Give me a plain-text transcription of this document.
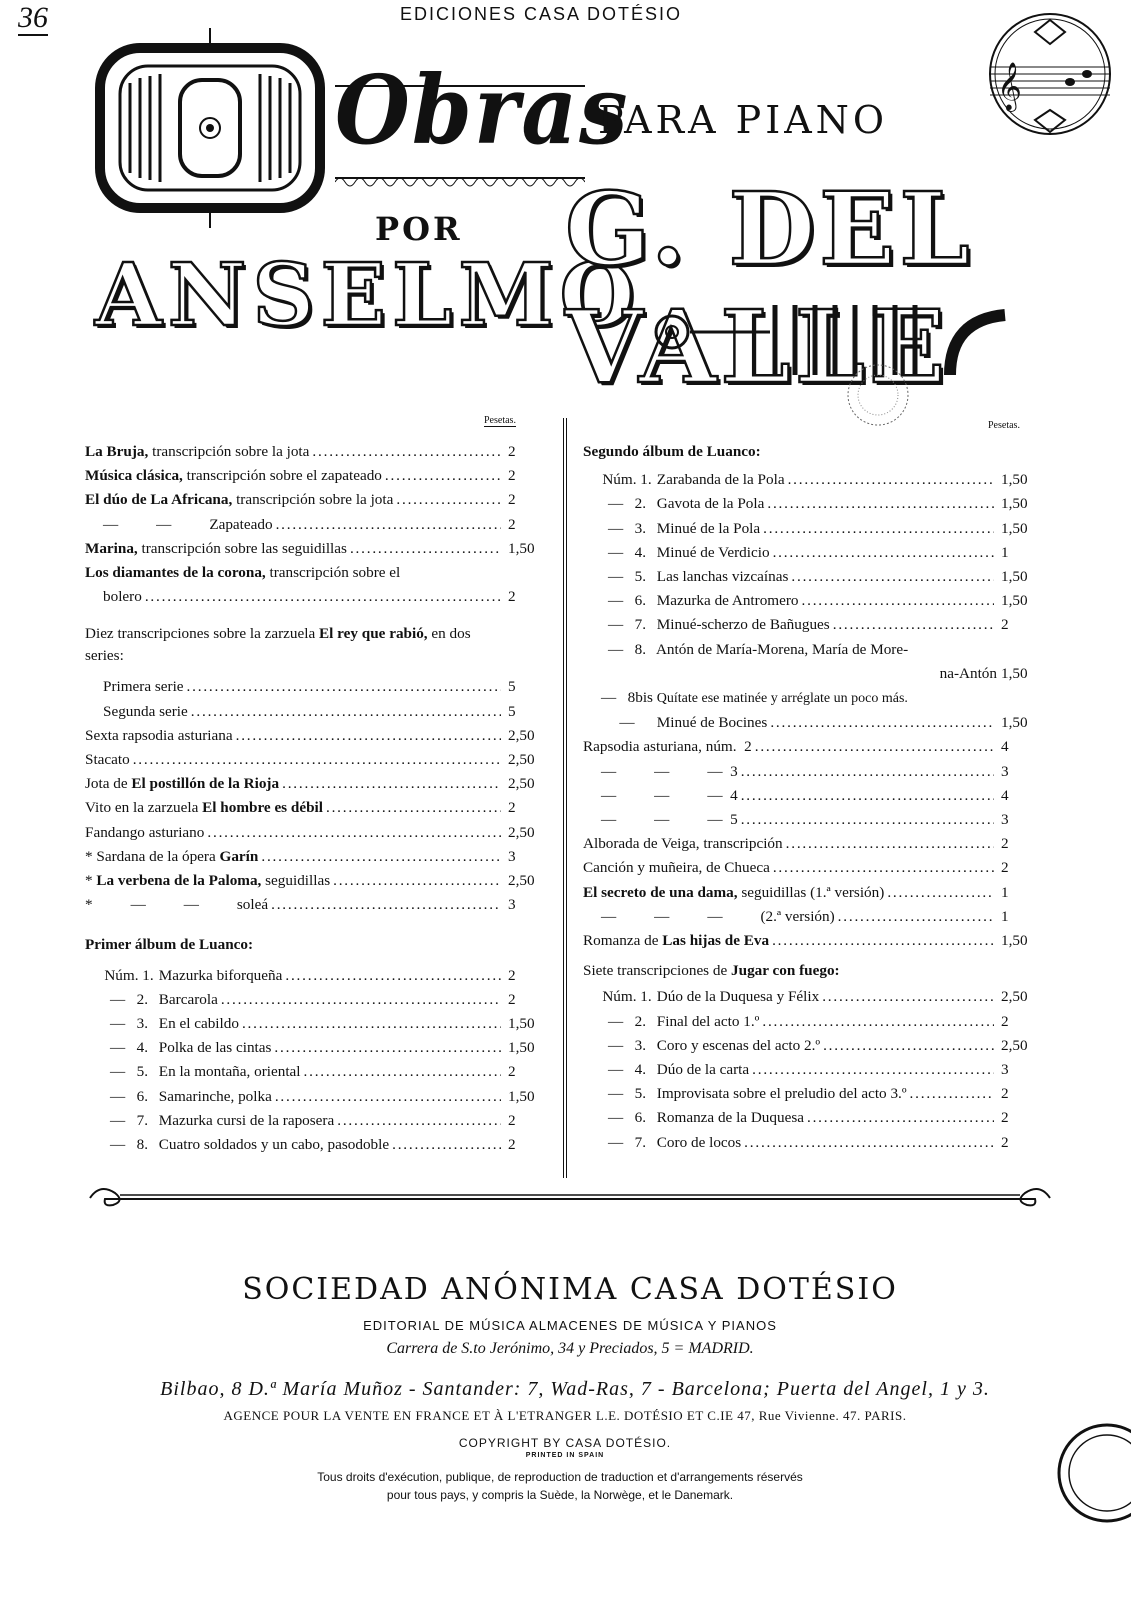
36	EDICIONES CASA DOTÉSIO
Obras
PARA PIANO
POR
ANSELMO
G. DEL VALLE
𝄞
Pesetas.	Pesetas.
La Bruja, transcripción sobre la jota . . .	2
Música clásica, transcripción sobre el zapateado . . .	2
El dúo de La Africana, transcripción sobre la jota . . .	2
—          —          Zapateado . . .	2
Marina, transcripción sobre las seguidillas . . .	1,50
Los diamantes de la corona, transcripción sobre el
bolero . . .	2
Diez transcripciones sobre la zarzuela El rey que rabió, en dos series:
Primera serie . . .	5
Segunda serie . . .	5
Sexta rapsodia asturiana . . .	2,50
Stacato . . .	2,50
Jota de El postillón de la Rioja . . .	2,50
Vito en la zarzuela El hombre es débil . . .	2
Fandango asturiano . . .	2,50
* Sardana de la ópera Garín . . .	3
* La verbena de la Paloma, seguidillas . . .	2,50
*          —          —          soleá . . .	3
Primer álbum de Luanco:
Núm. 1. Mazurka biforqueña . . .	2
—   2. Barcarola . . .	2
—   3. En el cabildo . . .	1,50
—   4. Polka de las cintas . . .	1,50
—   5. En la montaña, oriental . . .	2
—   6. Samarinche, polka . . .	1,50
—   7. Mazurka cursi de la raposera . . .	2
—   8. Cuatro soldados y un cabo, pasodoble . . .	2
Segundo álbum de Luanco:
Núm. 1. Zarabanda de la Pola . . .	1,50
—   2. Gavota de la Pola . . .	1,50
—   3. Minué de la Pola . . .	1,50
—   4. Minué de Verdicio . . .	1
—   5. Las lanchas vizcaínas . . .	1,50
—   6. Mazurka de Antromero . . .	1,50
—   7. Minué-scherzo de Bañugues . . .	2
—   8. Antón de María-Morena, María de More-
na-Antón 1,50
—   8bis Quítate ese matinée y arréglate un poco más.
— Minué de Bocines . . .	1,50
Rapsodia asturiana, núm.  2 . . .	4
—          —          —  3 . . .	3
—          —          —  4 . . .	4
—          —          —  5 . . .	3
Alborada de Veiga, transcripción . . .	2
Canción y muñeira, de Chueca . . .	2
El secreto de una dama, seguidillas (1.ª versión) . . .	1
—          —          —          (2.ª versión) . . .	1
Romanza de Las hijas de Eva . . .	1,50
Siete transcripciones de Jugar con fuego:
Núm. 1. Dúo de la Duquesa y Félix . . .	2,50
—   2. Final del acto 1.º . . .	2
—   3. Coro y escenas del acto 2.º . . .	2,50
—   4. Dúo de la carta . . .	3
—   5. Improvisata sobre el preludio del acto 3.º . . .	2
—   6. Romanza de la Duquesa . . .	2
—   7. Coro de locos . . .	2
SOCIEDAD ANÓNIMA CASA DOTÉSIO
EDITORIAL DE MÚSICA ALMACENES DE MÚSICA Y PIANOS
Carrera de S.to Jerónimo, 34 y Preciados, 5 = MADRID.
Bilbao, 8 D.ª María Muñoz - Santander: 7, Wad-Ras, 7 - Barcelona; Puerta del Angel, 1 y 3.
AGENCE POUR LA VENTE EN FRANCE ET À L'ETRANGER L.E. DOTÉSIO ET C.IE 47, Rue Vivienne. 47. PARIS.
COPYRIGHT BY CASA DOTÉSIO.
PRINTED IN SPAIN
Tous droits d'exécution, publique, de reproduction de traduction et d'arrangements réservés
pour tous pays, y compris la Suède, la Norwège, et le Danemark.
